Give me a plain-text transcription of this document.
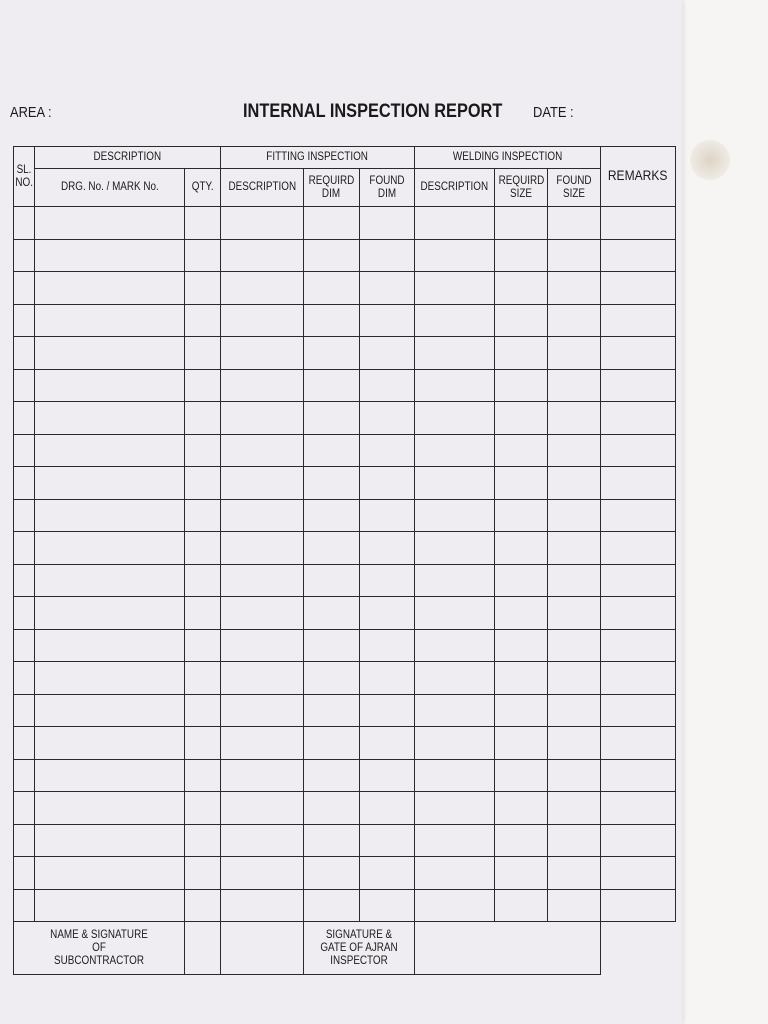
AREA :	INTERNAL INSPECTION REPORT DATE :
SL. NO.	DESCRIPTION		FITTING INSPECTION			WELDING INSPECTION			REMARKS
	DRG. No. / MARK No.	QTY.	DESCRIPTION	REQUIRD DIM	FOUND DIM	DESCRIPTION	REQUIRD SIZE	FOUND SIZE	

NAME & SIGNATURE OF SUBCONTRACTOR				SIGNATURE & GATE OF AJRAN INSPECTOR					
